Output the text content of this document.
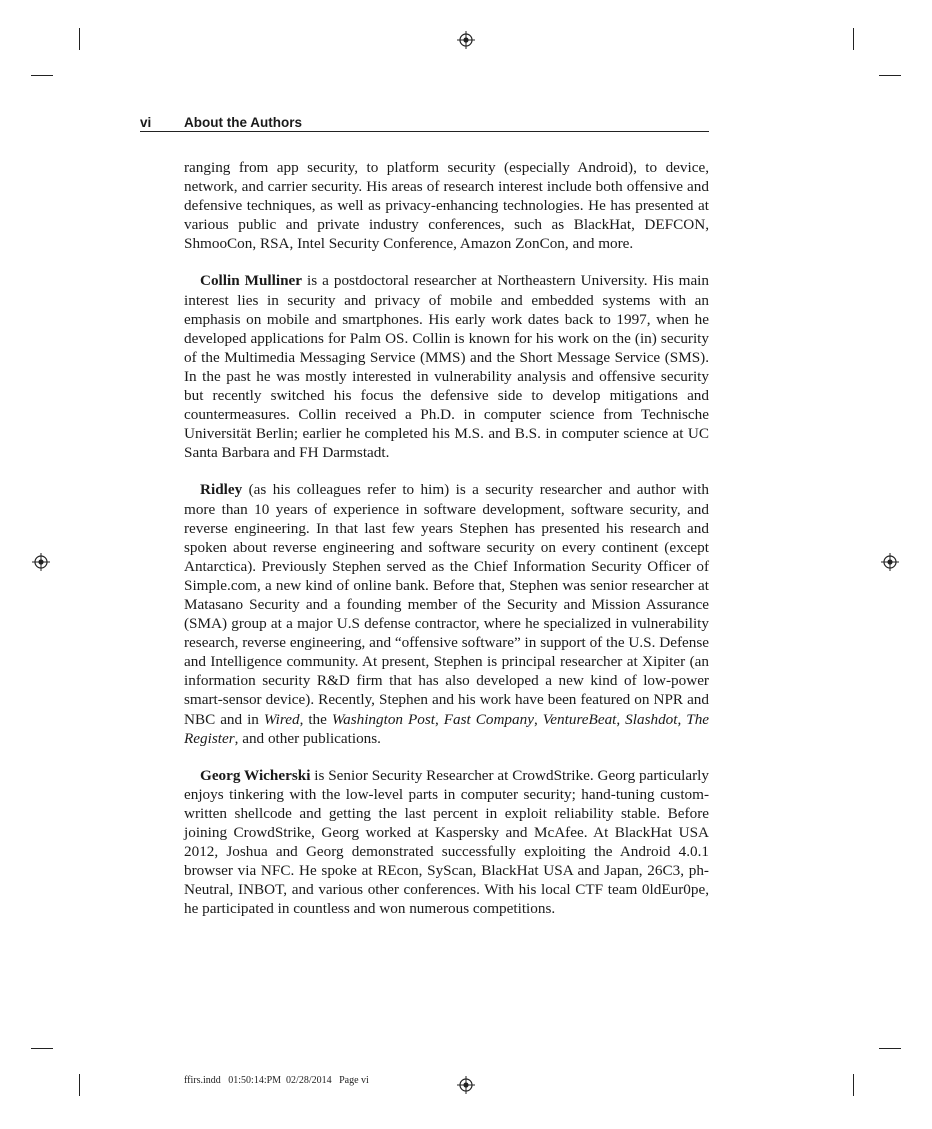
vi About the Authors

ranging from app security, to platform security (especially Android), to device, network, and carrier security. His areas of research interest include both offensive and defensive techniques, as well as privacy-enhancing technologies. He has presented at various public and private industry conferences, such as BlackHat, DEFCON, ShmooCon, RSA, Intel Security Conference, Amazon ZonCon, and more.

Collin Mulliner is a postdoctoral researcher at Northeastern University. His main interest lies in security and privacy of mobile and embedded systems with an emphasis on mobile and smartphones. His early work dates back to 1997, when he developed applications for Palm OS. Collin is known for his work on the (in) security of the Multimedia Messaging Service (MMS) and the Short Message Service (SMS). In the past he was mostly interested in vulnerability analysis and offensive security but recently switched his focus the defensive side to develop mitigations and countermeasures. Collin received a Ph.D. in computer science from Technische Universität Berlin; earlier he completed his M.S. and B.S. in computer science at UC Santa Barbara and FH Darmstadt.

Ridley (as his colleagues refer to him) is a security researcher and author with more than 10 years of experience in software development, software security, and reverse engineering. In that last few years Stephen has presented his research and spoken about reverse engineering and software security on every continent (except Antarctica). Previously Stephen served as the Chief Information Security Officer of Simple.com, a new kind of online bank. Before that, Stephen was senior researcher at Matasano Security and a founding member of the Security and Mission Assurance (SMA) group at a major U.S defense contractor, where he specialized in vulnerability research, reverse engineering, and “offensive software” in support of the U.S. Defense and Intelligence community. At present, Stephen is principal researcher at Xipiter (an information security R&D firm that has also developed a new kind of low-power smart-sensor device). Recently, Stephen and his work have been featured on NPR and NBC and in Wired, the Washington Post, Fast Company, VentureBeat, Slashdot, The Register, and other publications.

Georg Wicherski is Senior Security Researcher at CrowdStrike. Georg particularly enjoys tinkering with the low-level parts in computer security; hand-tuning custom-written shellcode and getting the last percent in exploit reliability stable. Before joining CrowdStrike, Georg worked at Kaspersky and McAfee. At BlackHat USA 2012, Joshua and Georg demonstrated successfully exploiting the Android 4.0.1 browser via NFC. He spoke at REcon, SyScan, BlackHat USA and Japan, 26C3, ph-Neutral, INBOT, and various other conferences. With his local CTF team 0ldEur0pe, he participated in countless and won numerous competitions.

ffirs.indd   01:50:14:PM  02/28/2014   Page vi
